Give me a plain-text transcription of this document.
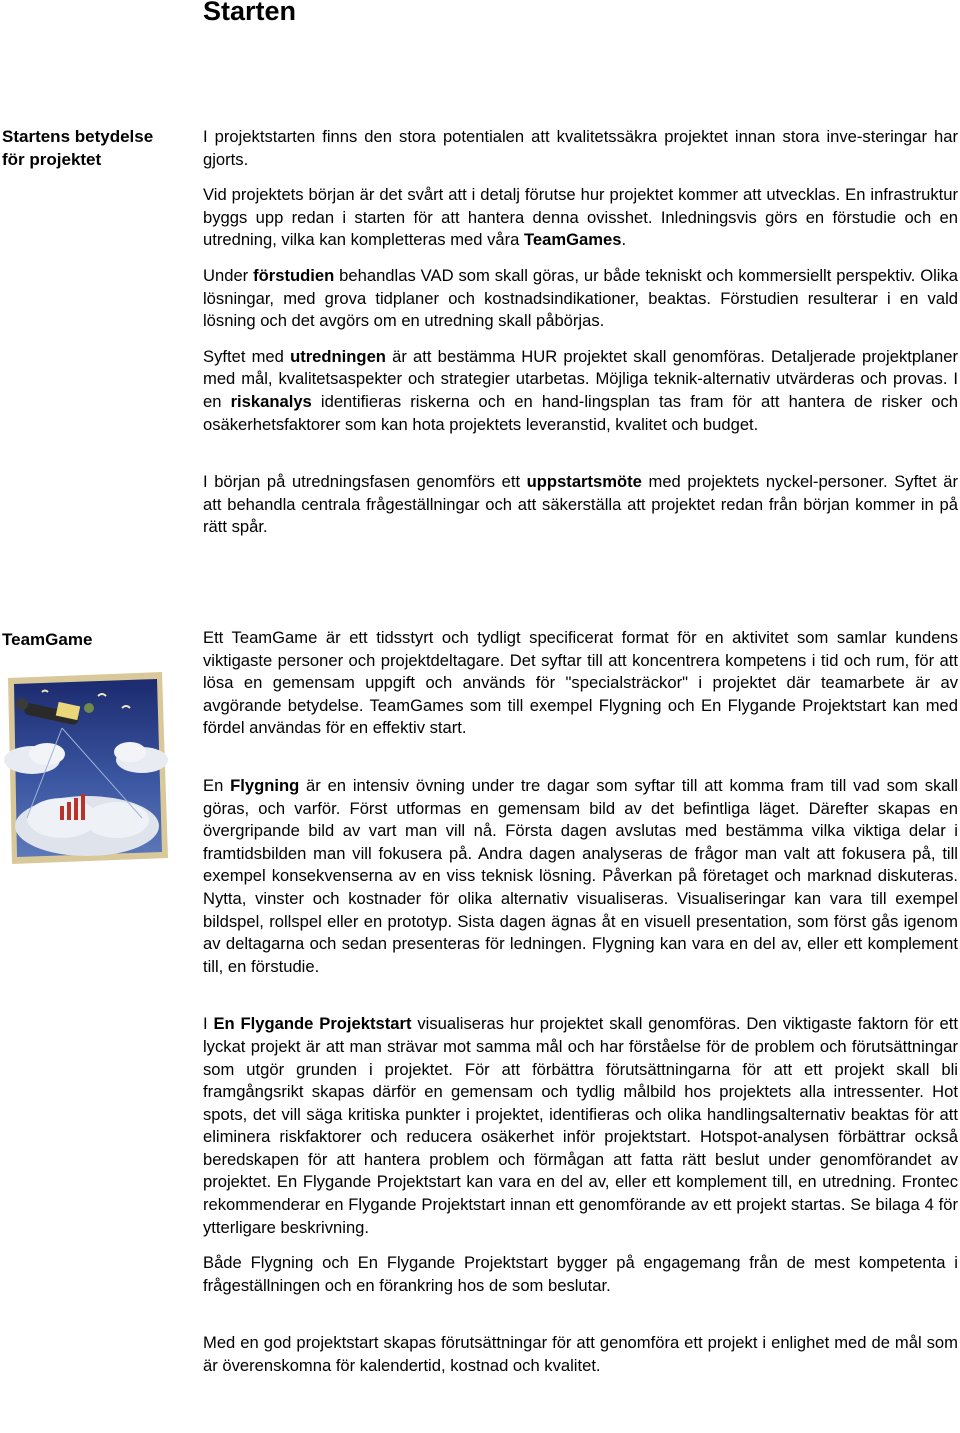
Starten
Startens betydelse
för projektet

I projektstarten finns den stora potentialen att kvalitetssäkra projektet innan stora inve-steringar har gjorts.

Vid projektets början är det svårt att i detalj förutse hur projektet kommer att utvecklas. En infrastruktur byggs upp redan i starten för att hantera denna ovisshet. Inledningsvis görs en förstudie och en utredning, vilka kan kompletteras med våra TeamGames.

Under förstudien behandlas VAD som skall göras, ur både tekniskt och kommersiellt perspektiv. Olika lösningar, med grova tidplaner och kostnadsindikationer, beaktas. Förstudien resulterar i en vald lösning och det avgörs om en utredning skall påbörjas.

Syftet med utredningen är att bestämma HUR projektet skall genomföras. Detaljerade projektplaner med mål, kvalitetsaspekter och strategier utarbetas. Möjliga teknik-alternativ utvärderas och provas. I en riskanalys identifieras riskerna och en hand-lingsplan tas fram för att hantera de risker och osäkerhetsfaktorer som kan hota projektets leveranstid, kvalitet och budget.

I början på utredningsfasen genomförs ett uppstartsmöte med projektets nyckel-personer. Syftet är att behandla centrala frågeställningar och att säkerställa att projektet redan från början kommer in på rätt spår.

TeamGame	Ett TeamGame är ett tidsstyrt och tydligt specificerat format för en aktivitet som samlar kundens viktigaste personer och projektdeltagare. Det syftar till att koncentrera kompetens i tid och rum, för att lösa en gemensam uppgift och används för "specialsträckor" i projektet där teamarbete är av avgörande betydelse. TeamGames som till exempel Flygning och En Flygande Projektstart kan med fördel användas för en effektiv start.

En Flygning är en intensiv övning under tre dagar som syftar till att komma fram till vad som skall göras, och varför. Först utformas en gemensam bild av det befintliga läget. Därefter skapas en övergripande bild av vart man vill nå. Första dagen avslutas med bestämma vilka viktiga delar i framtidsbilden man vill fokusera på. Andra dagen analyseras de frågor man valt att fokusera på, till exempel konsekvenserna av en viss teknisk lösning. Påverkan på företaget och marknad diskuteras. Nytta, vinster och kostnader för olika alternativ visualiseras. Visualiseringar kan vara till exempel bildspel, rollspel eller en prototyp. Sista dagen ägnas åt en visuell presentation, som först gås igenom av deltagarna och sedan presenteras för ledningen. Flygning kan vara en del av, eller ett komplement till, en förstudie.

I En Flygande Projektstart visualiseras hur projektet skall genomföras. Den viktigaste faktorn för ett lyckat projekt är att man strävar mot samma mål och har förståelse för de problem och förutsättningar som utgör grunden i projektet. För att förbättra förutsättningarna för att ett projekt skall bli framgångsrikt skapas därför en gemensam och tydlig målbild hos projektets alla intressenter. Hot spots, det vill säga kritiska punkter i projektet, identifieras och olika handlingsalternativ beaktas för att eliminera riskfaktorer och reducera osäkerhet inför projektstart. Hotspot-analysen förbättrar också beredskapen för att hantera problem och förmågan att fatta rätt beslut under genomförandet av projektet. En Flygande Projektstart kan vara en del av, eller ett komplement till, en utredning. Frontec rekommenderar en Flygande Projektstart innan ett genomförande av ett projekt startas. Se bilaga 4 för ytterligare beskrivning.

Både Flygning och En Flygande Projektstart bygger på engagemang från de mest kompetenta i frågeställningen och en förankring hos de som beslutar.

Med en god projektstart skapas förutsättningar för att genomföra ett projekt i enlighet med de mål som är överenskomna för kalendertid, kostnad och kvalitet.
